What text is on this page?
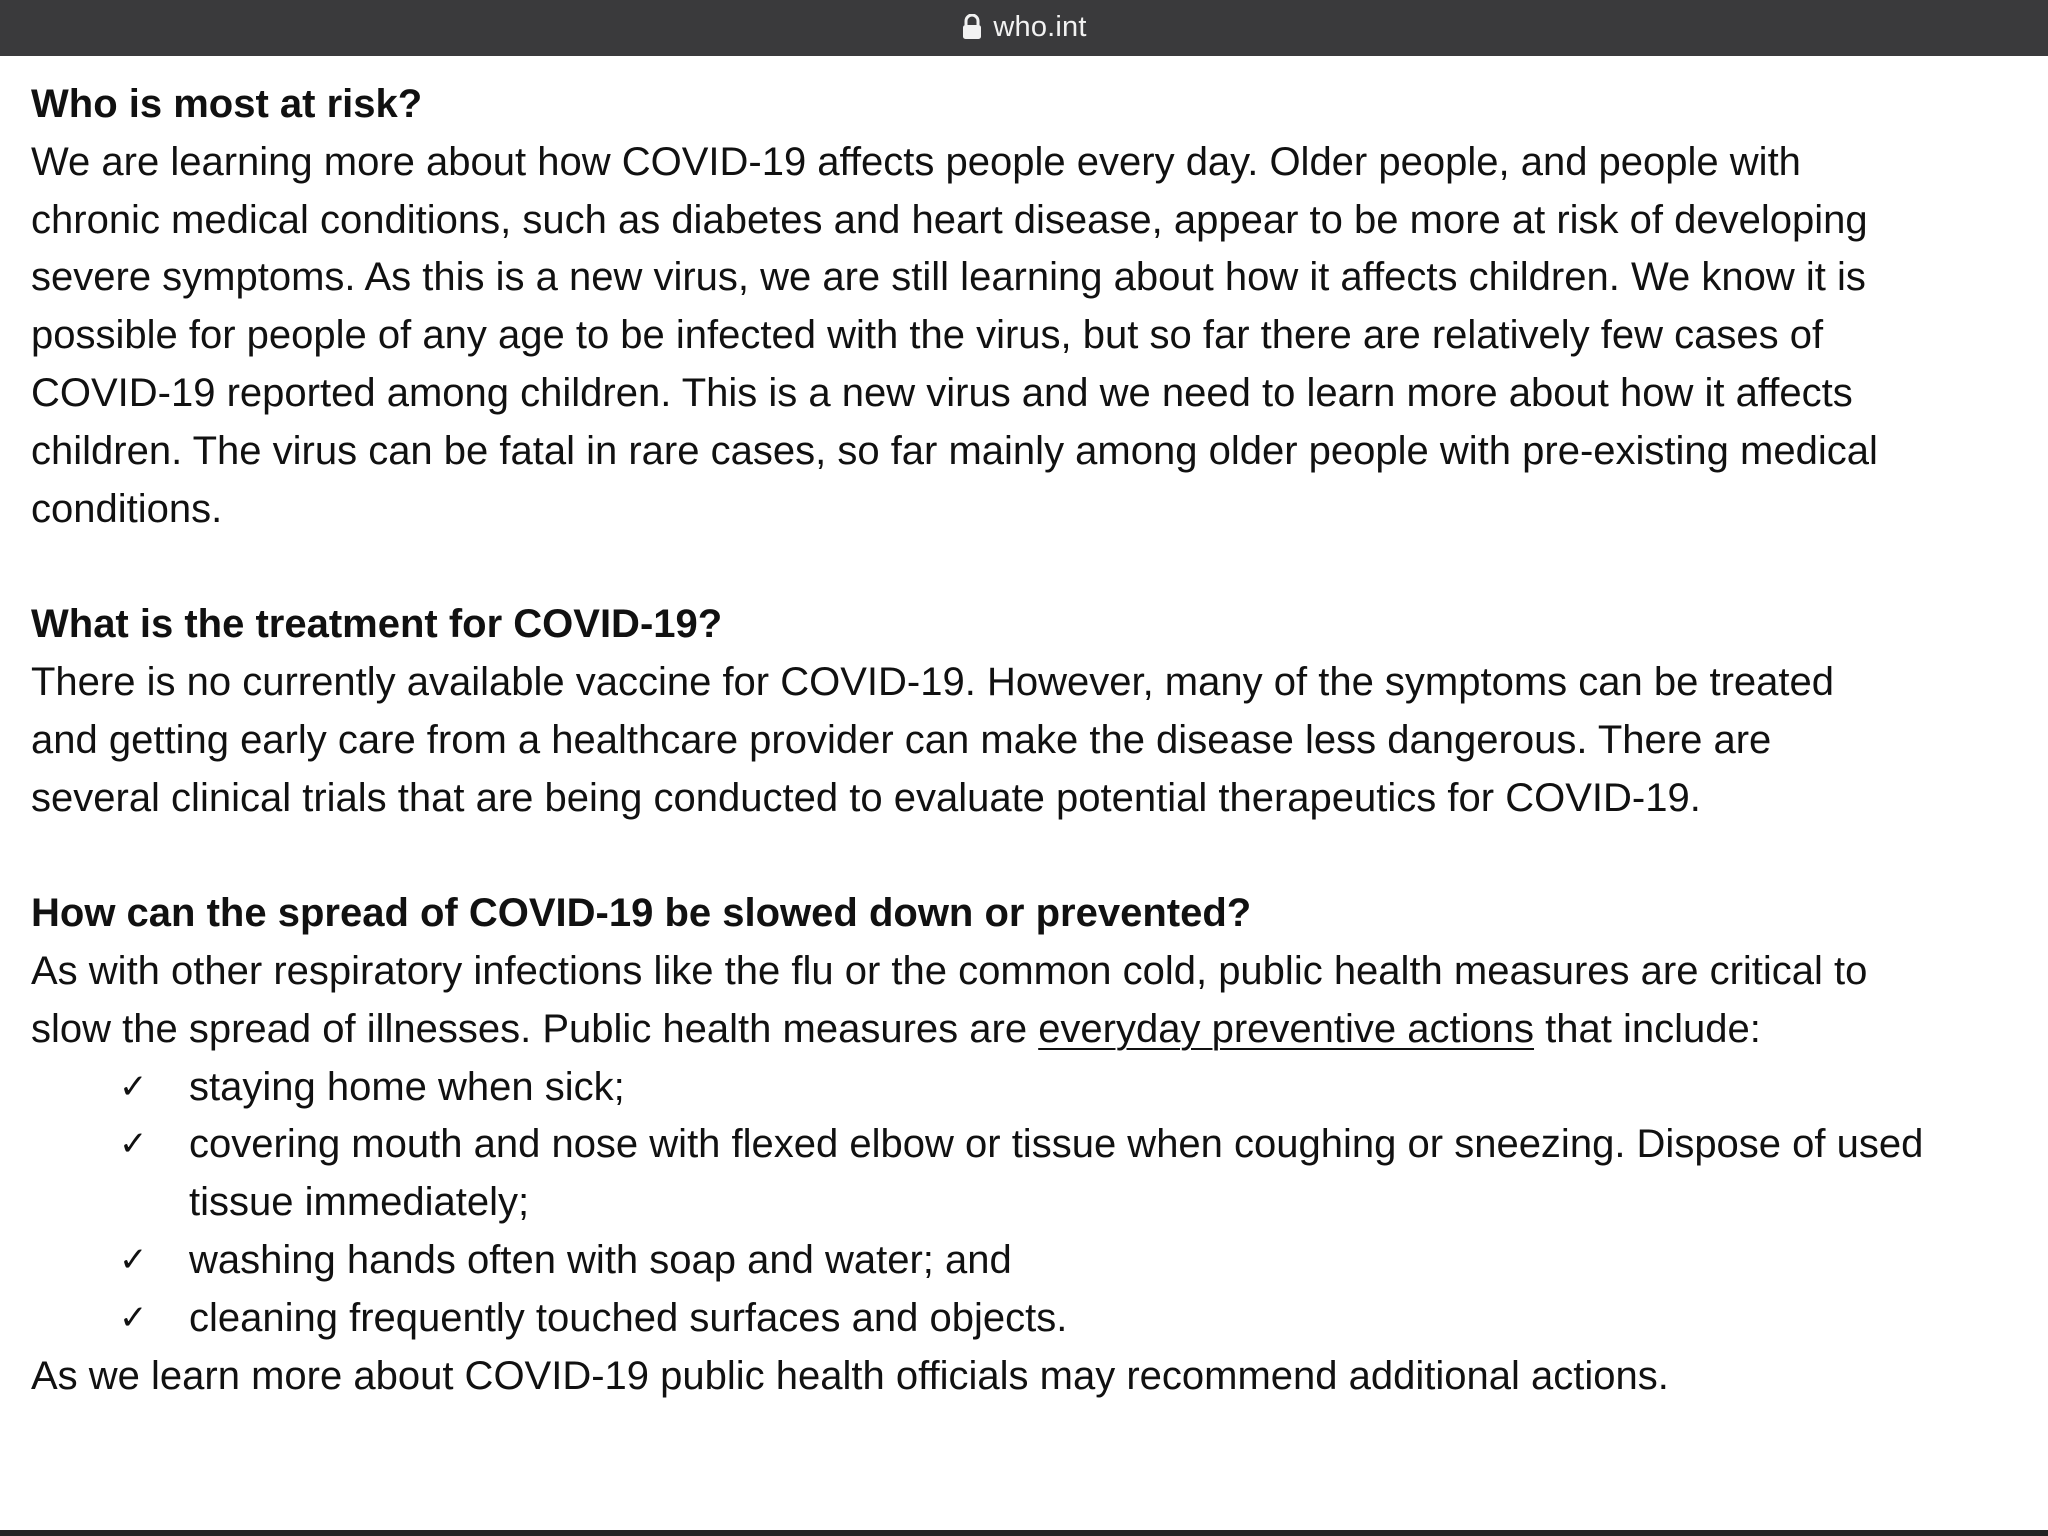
who.int
Who is most at risk?
We are learning more about how COVID-19 affects people every day. Older people, and people with
chronic medical conditions, such as diabetes and heart disease, appear to be more at risk of developing
severe symptoms. As this is a new virus, we are still learning about how it affects children. We know it is
possible for people of any age to be infected with the virus, but so far there are relatively few cases of
COVID-19 reported among children. This is a new virus and we need to learn more about how it affects
children. The virus can be fatal in rare cases, so far mainly among older people with pre-existing medical
conditions.
What is the treatment for COVID-19?
There is no currently available vaccine for COVID-19. However, many of the symptoms can be treated
and getting early care from a healthcare provider can make the disease less dangerous. There are
several clinical trials that are being conducted to evaluate potential therapeutics for COVID-19.
How can the spread of COVID-19 be slowed down or prevented?
As with other respiratory infections like the flu or the common cold, public health measures are critical to
slow the spread of illnesses. Public health measures are everyday preventive actions that include:
✓ staying home when sick;
✓ covering mouth and nose with flexed elbow or tissue when coughing or sneezing. Dispose of used tissue immediately;
✓ washing hands often with soap and water; and
✓ cleaning frequently touched surfaces and objects.
As we learn more about COVID-19 public health officials may recommend additional actions.
